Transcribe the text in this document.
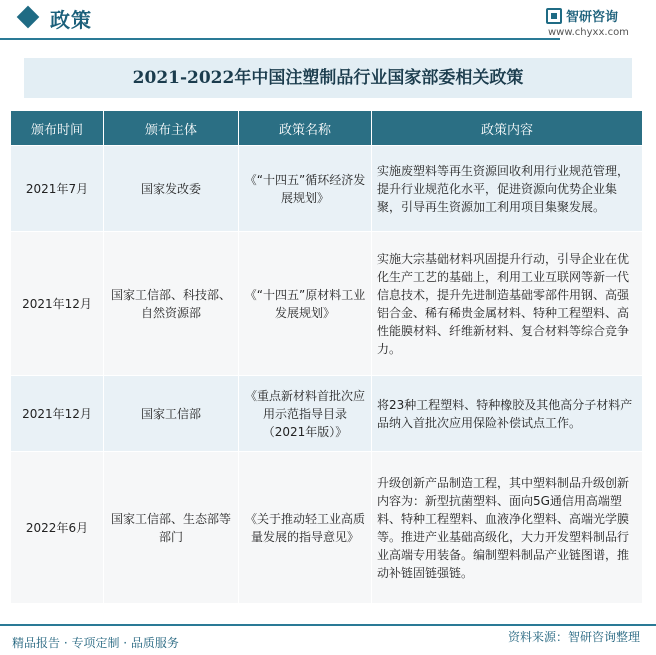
政策	智研咨询
www.chyxx.com
2021-2022年中国注塑制品行业国家部委相关政策
颁布时间	颁布主体	政策名称	政策内容
2021年7月	国家发改委	《“十四五”循环经济发展规划》	实施废塑料等再生资源回收利用行业规范管理，提升行业规范化水平，促进资源向优势企业集聚，引导再生资源加工利用项目集聚发展。
2021年12月	国家工信部、科技部、自然资源部	《“十四五”原材料工业发展规划》	实施大宗基础材料巩固提升行动，引导企业在优化生产工艺的基础上，利用工业互联网等新一代信息技术，提升先进制造基础零部件用钢、高强铝合金、稀有稀贵金属材料、特种工程塑料、高性能膜材料、纤维新材料、复合材料等综合竞争力。
2021年12月	国家工信部	《重点新材料首批次应用示范指导目录（2021年版）》	将23种工程塑料、特种橡胶及其他高分子材料产品纳入首批次应用保险补偿试点工作。
2022年6月	国家工信部、生态部等部门	《关于推动轻工业高质量发展的指导意见》	升级创新产品制造工程，其中塑料制品升级创新内容为：新型抗菌塑料、面向5G通信用高端塑料、特种工程塑料、血液净化塑料、高端光学膜等。推进产业基础高级化，大力开发塑料制品行业高端专用装备。编制塑料制品产业链图谱，推动补链固链强链。
精品报告 · 专项定制 · 品质服务	资料来源：智研咨询整理
